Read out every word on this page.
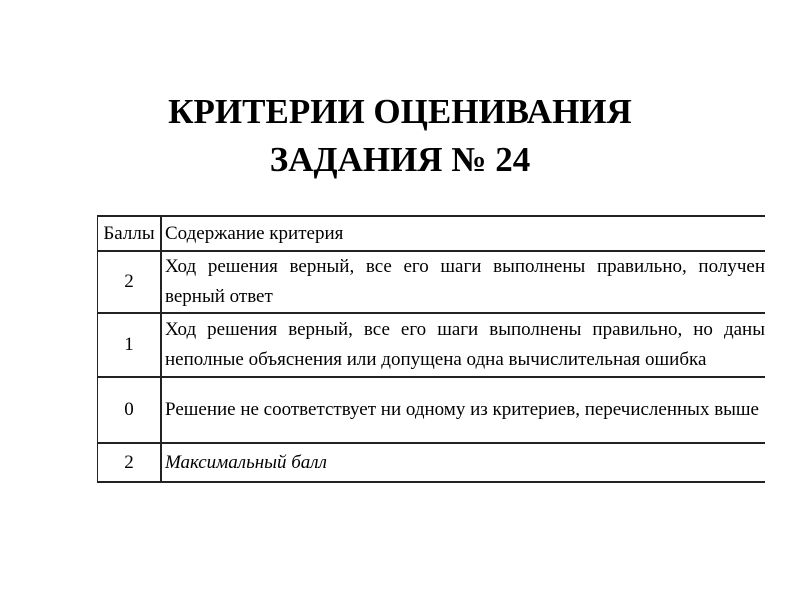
КРИТЕРИИ ОЦЕНИВАНИЯ
ЗАДАНИЯ № 24
Баллы	Содержание критерия
2	Ход решения верный, все его шаги выполнены правильно, получен верный ответ
1	Ход решения верный, все его шаги выполнены правильно, но даны неполные объяснения или допущена одна вычислительная ошибка
0	Решение не соответствует ни одному из критериев, перечисленных выше
2	Максимальный балл
